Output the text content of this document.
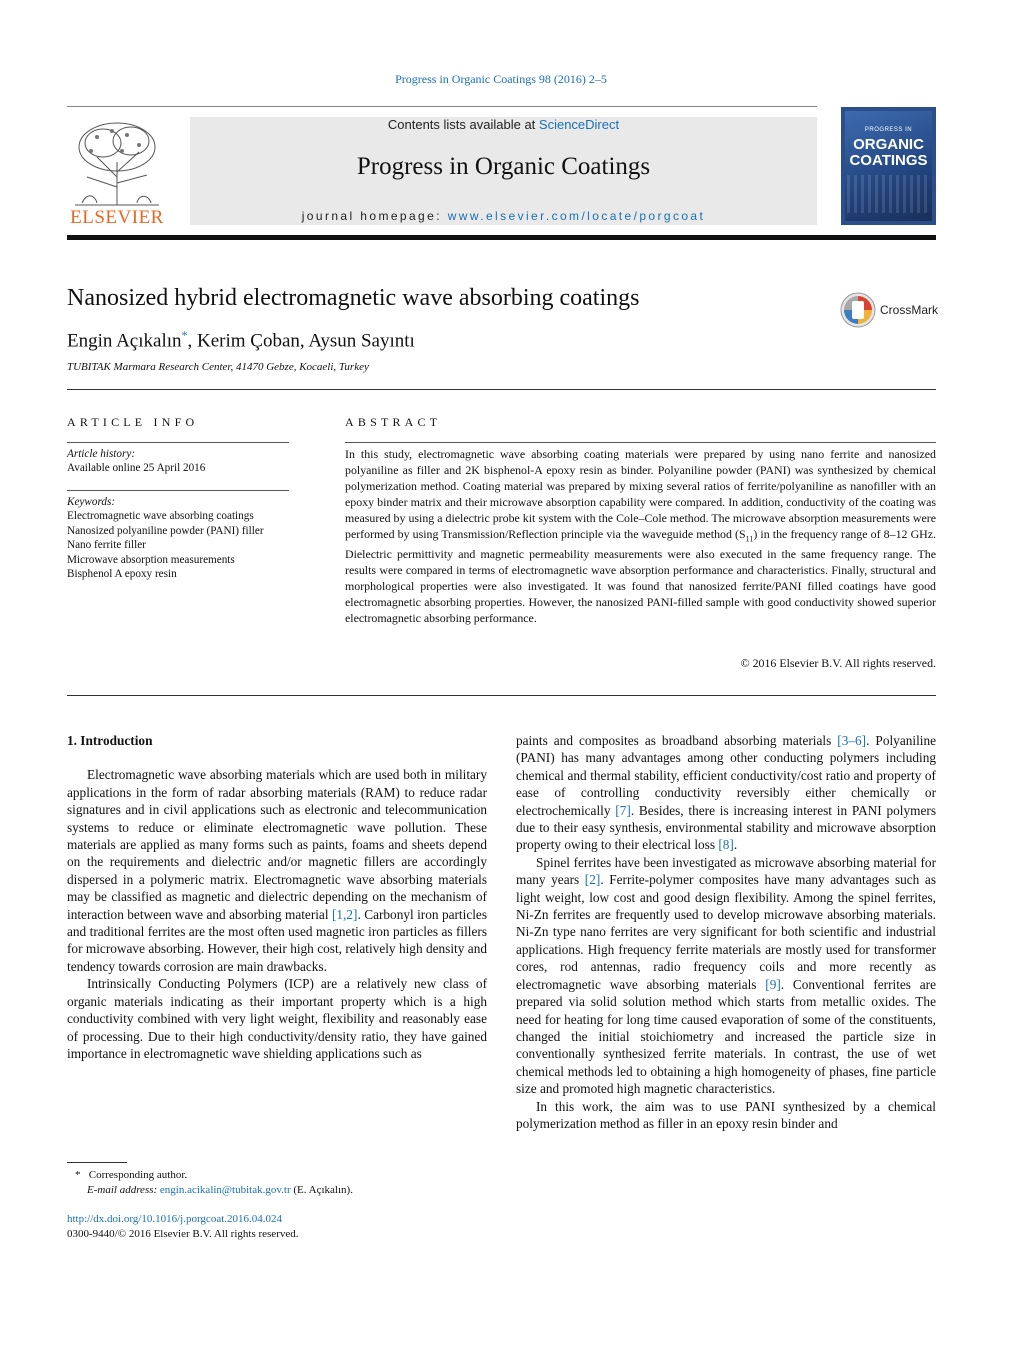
Progress in Organic Coatings 98 (2016) 2–5
ELSEVIER
Contents lists available at ScienceDirect
Progress in Organic Coatings
journal homepage: www.elsevier.com/locate/porgcoat
PROGRESS IN
ORGANIC
COATINGS
Nanosized hybrid electromagnetic wave absorbing coatings	CrossMark
Engin Açıkalın*, Kerim Çoban, Aysun Sayıntı
TUBITAK Marmara Research Center, 41470 Gebze, Kocaeli, Turkey
ARTICLE INFO
Article history:
Available online 25 April 2016
Keywords:
Electromagnetic wave absorbing coatings
Nanosized polyaniline powder (PANI) filler
Nano ferrite filler
Microwave absorption measurements
Bisphenol A epoxy resin
ABSTRACT
In this study, electromagnetic wave absorbing coating materials were prepared by using nano ferrite and nanosized polyaniline as filler and 2K bisphenol-A epoxy resin as binder. Polyaniline powder (PANI) was synthesized by chemical polymerization method. Coating material was prepared by mixing several ratios of ferrite/polyaniline as nanofiller with an epoxy binder matrix and their microwave absorption capability were compared. In addition, conductivity of the coating was measured by using a dielectric probe kit system with the Cole–Cole method. The microwave absorption measurements were performed by using Transmission/Reflection principle via the waveguide method $(S_{11})$ in the frequency range of 8–12 GHz. Dielectric permittivity and magnetic permeability measurements were also executed in the same frequency range. The results were compared in terms of electromagnetic wave absorption performance and characteristics. Finally, structural and morphological properties were also investigated. It was found that nanosized ferrite/PANI filled coatings have good electromagnetic absorbing properties. However, the nanosized PANI-filled sample with good conductivity showed superior electromagnetic absorbing performance.
© 2016 Elsevier B.V. All rights reserved.
1. Introduction

Electromagnetic wave absorbing materials which are used both in military applications in the form of radar absorbing materials (RAM) to reduce radar signatures and in civil applications such as electronic and telecommunication systems to reduce or eliminate electromagnetic wave pollution. These materials are applied as many forms such as paints, foams and sheets depend on the requirements and dielectric and/or magnetic fillers are accordingly dispersed in a polymeric matrix. Electromagnetic wave absorbing materials may be classified as magnetic and dielectric depending on the mechanism of interaction between wave and absorbing material [1,2]. Carbonyl iron particles and traditional ferrites are the most often used magnetic iron particles as fillers for microwave absorbing. However, their high cost, relatively high density and tendency towards corrosion are main drawbacks.

Intrinsically Conducting Polymers (ICP) are a relatively new class of organic materials indicating as their important property which is a high conductivity combined with very light weight, flexibility and reasonably ease of processing. Due to their high conductivity/density ratio, they have gained importance in electromagnetic wave shielding applications such as

paints and composites as broadband absorbing materials [3–6]. Polyaniline (PANI) has many advantages among other conducting polymers including chemical and thermal stability, efficient conductivity/cost ratio and property of ease of controlling conductivity reversibly either chemically or electrochemically [7]. Besides, there is increasing interest in PANI polymers due to their easy synthesis, environmental stability and microwave absorption property owing to their electrical loss [8].

Spinel ferrites have been investigated as microwave absorbing material for many years [2]. Ferrite-polymer composites have many advantages such as light weight, low cost and good design flexibility. Among the spinel ferrites, Ni-Zn ferrites are frequently used to develop microwave absorbing materials. Ni-Zn type nano ferrites are very significant for both scientific and industrial applications. High frequency ferrite materials are mostly used for transformer cores, rod antennas, radio frequency coils and more recently as electromagnetic wave absorbing materials [9]. Conventional ferrites are prepared via solid solution method which starts from metallic oxides. The need for heating for long time caused evaporation of some of the constituents, changed the initial stoichiometry and increased the particle size in conventionally synthesized ferrite materials. In contrast, the use of wet chemical methods led to obtaining a high homogeneity of phases, fine particle size and promoted high magnetic characteristics.

In this work, the aim was to use PANI synthesized by a chemical polymerization method as filler in an epoxy resin binder and

* Corresponding author.
E-mail address: engin.acikalin@tubitak.gov.tr (E. Açıkalın).
http://dx.doi.org/10.1016/j.porgcoat.2016.04.024
0300-9440/© 2016 Elsevier B.V. All rights reserved.
